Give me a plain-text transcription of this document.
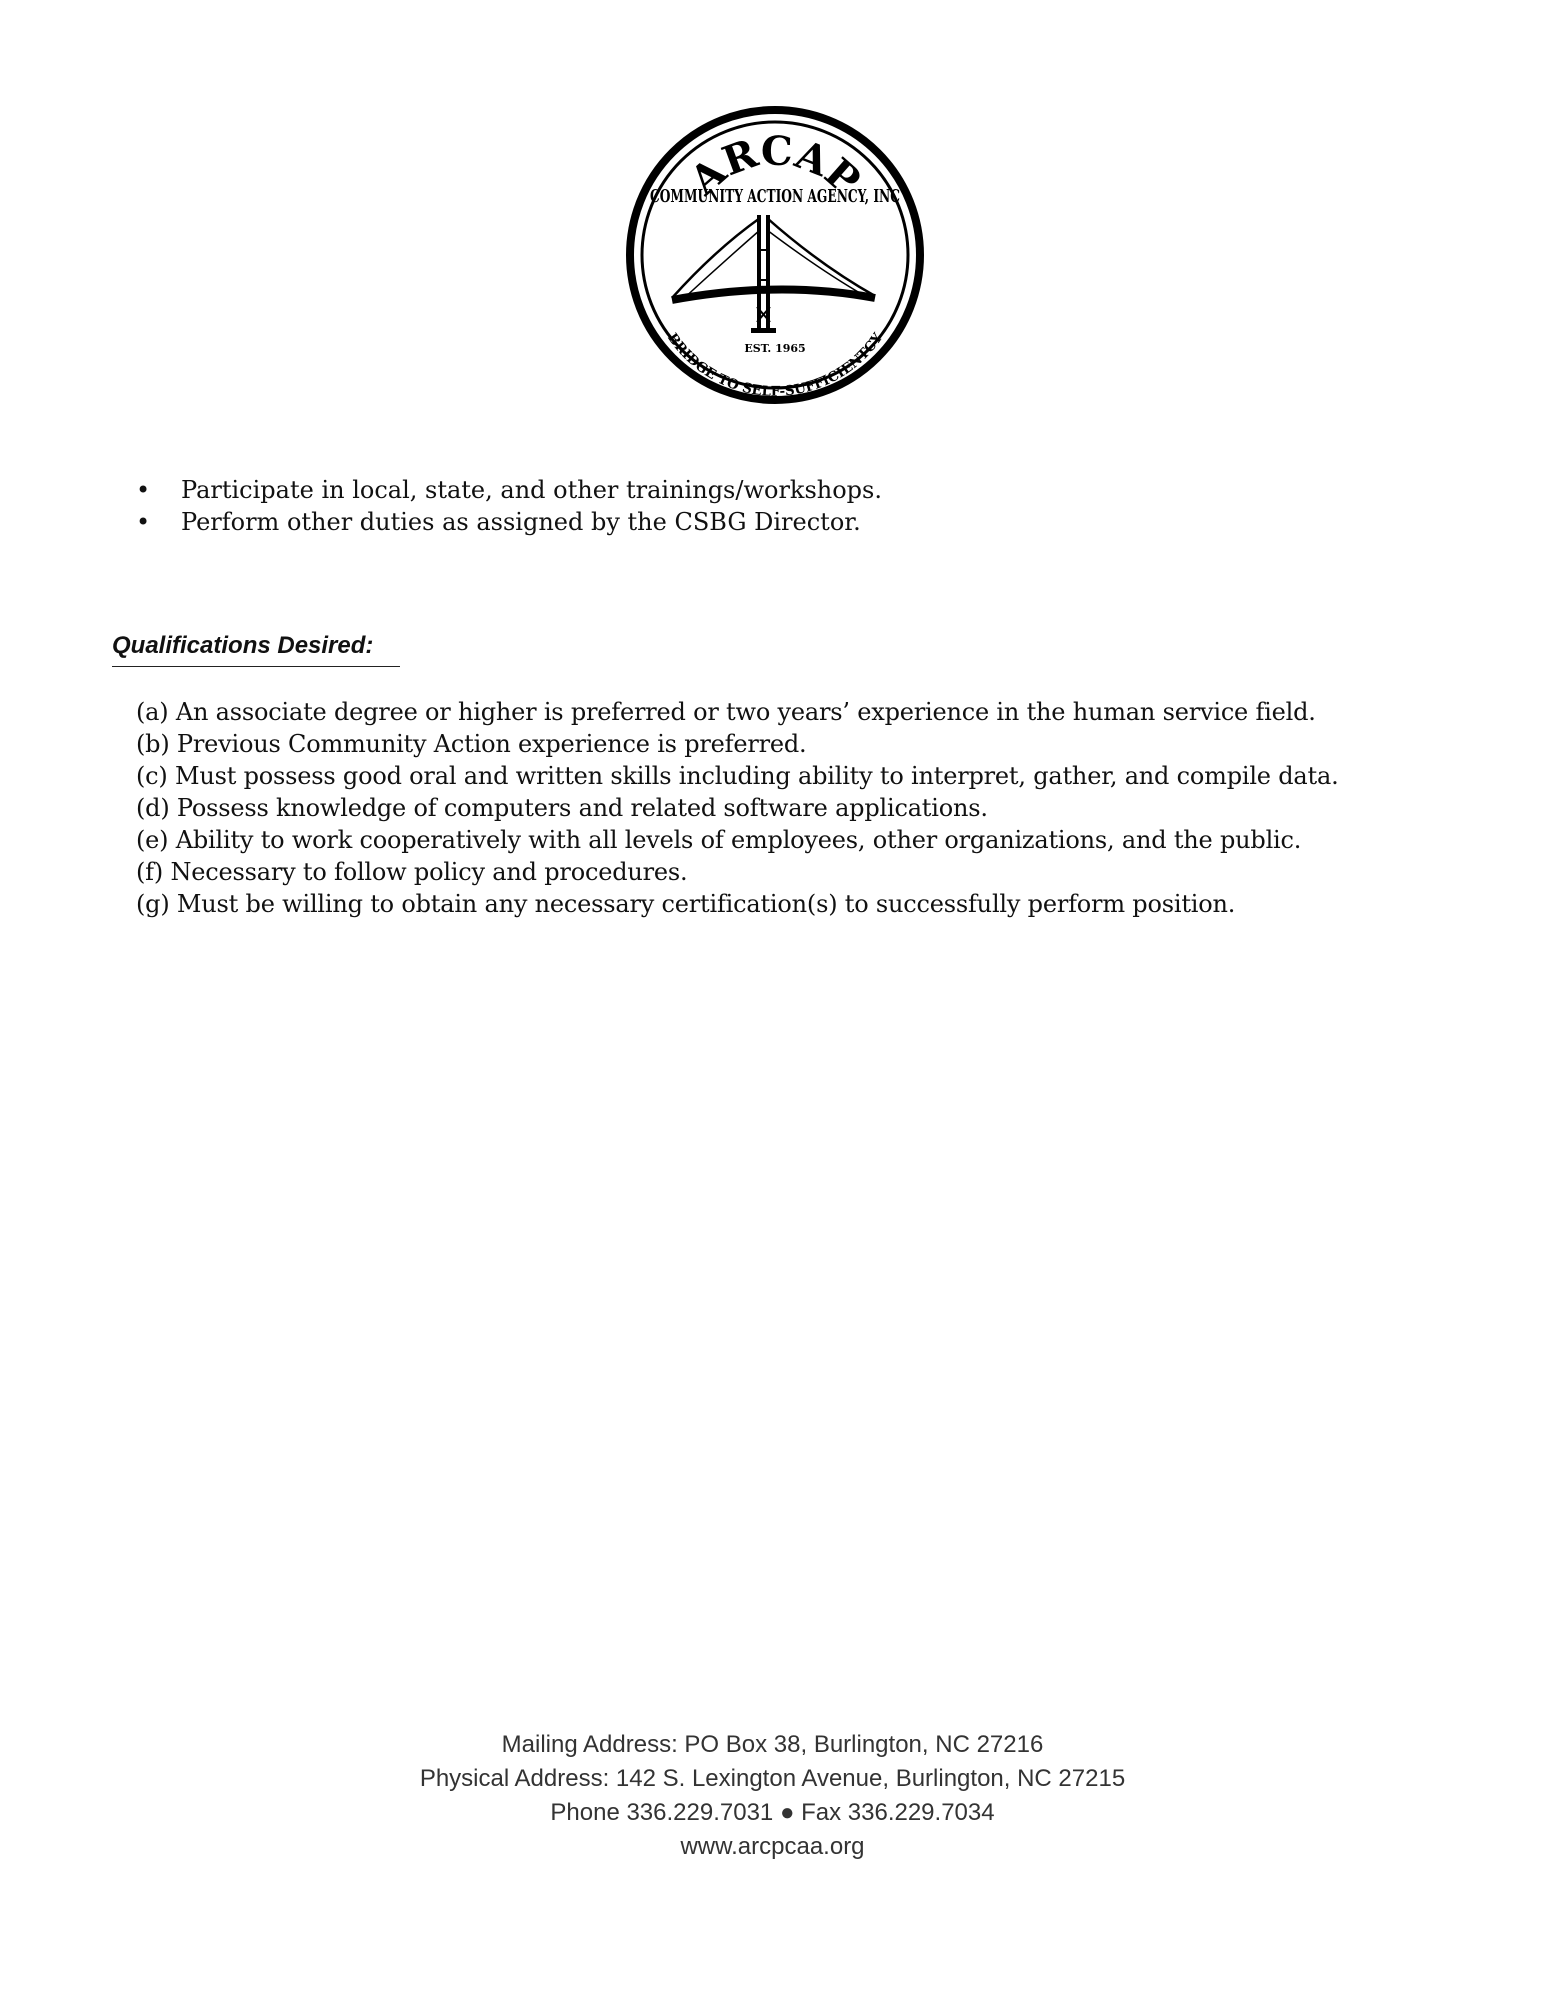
ARCAP
COMMUNITY ACTION AGENCY, INC
EST. 1965
BRIDGE TO SELF-SUFFICIENTCY
• Participate in local, state, and other trainings/workshops.
• Perform other duties as assigned by the CSBG Director.
Qualifications Desired:
(a) An associate degree or higher is preferred or two years’ experience in the human service field.
(b) Previous Community Action experience is preferred.
(c) Must possess good oral and written skills including ability to interpret, gather, and compile data.
(d) Possess knowledge of computers and related software applications.
(e) Ability to work cooperatively with all levels of employees, other organizations, and the public.
(f) Necessary to follow policy and procedures.
(g) Must be willing to obtain any necessary certification(s) to successfully perform position.
Mailing Address: PO Box 38, Burlington, NC 27216
Physical Address: 142 S. Lexington Avenue, Burlington, NC 27215
Phone 336.229.7031 ● Fax 336.229.7034
www.arcpcaa.org
